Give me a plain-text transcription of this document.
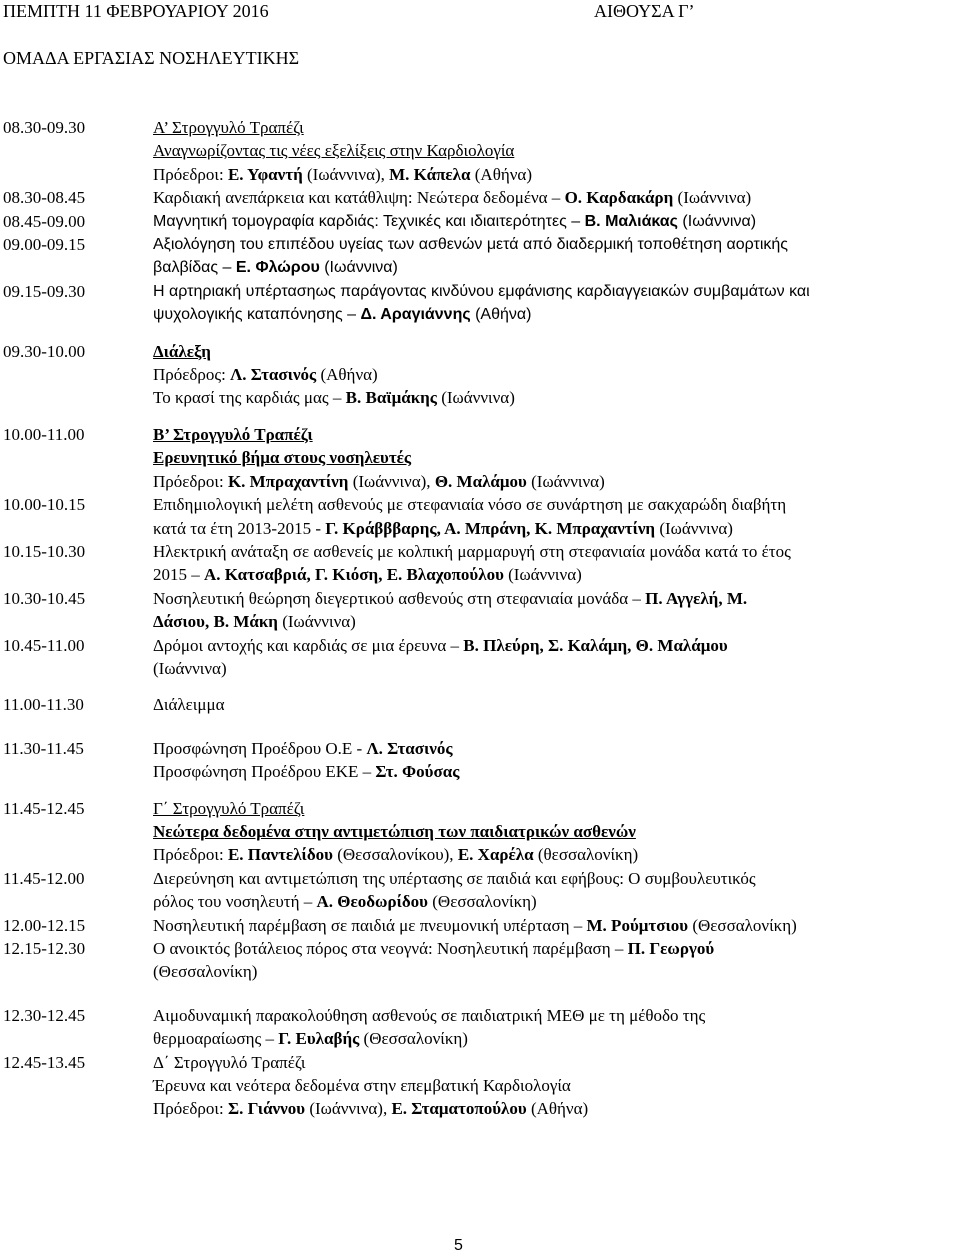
ΠΕΜΠΤΗ 11 ΦΕΒΡΟΥΑΡΙΟΥ 2016	ΑΙΘΟΥΣΑ Γ’
ΟΜΑΔΑ ΕΡΓΑΣΙΑΣ ΝΟΣΗΛΕΥΤΙΚΗΣ
08.30-09.30	Α’ Στρογγυλό Τραπέζι
Αναγνωρίζοντας τις νέες εξελίξεις στην Καρδιολογία
Πρόεδροι: Ε. Υφαντή (Ιωάννινα), Μ. Κάπελα (Αθήνα)
08.30-08.45	Καρδιακή ανεπάρκεια και κατάθλιψη: Νεώτερα δεδομένα – Ο. Καρδακάρη (Ιωάννινα)
08.45-09.00	Μαγνητική τομογραφία καρδιάς: Τεχνικές και ιδιαιτερότητες – Β. Μαλιάκας (Ιωάννινα)
09.00-09.15	Αξιολόγηση του επιπέδου υγείας των ασθενών μετά από διαδερμική τοποθέτηση αορτικής
βαλβίδας – Ε. Φλώρου (Ιωάννινα)
09.15-09.30	Η αρτηριακή υπέρτασηως παράγοντας κινδύνου εμφάνισης καρδιαγγειακών συμβαμάτων και
ψυχολογικής καταπόνησης – Δ. Αραγιάννης (Αθήνα)
09.30-10.00	Διάλεξη
Πρόεδρος: Λ. Στασινός (Αθήνα)
Το κρασί της καρδιάς μας – Β. Βαϊμάκης (Ιωάννινα)
10.00-11.00	Β’ Στρογγυλό Τραπέζι
Ερευνητικό βήμα στους νοσηλευτές
Πρόεδροι: Κ. Μπραχαντίνη (Ιωάννινα), Θ. Μαλάμου (Ιωάννινα)
10.00-10.15	Επιδημιολογική μελέτη ασθενούς με στεφανιαία νόσο σε συνάρτηση με σακχαρώδη διαβήτη
κατά τα έτη 2013-2015 - Γ. Κράβββαρης, Α. Μπράνη, Κ. Μπραχαντίνη (Ιωάννινα)
10.15-10.30	Ηλεκτρική ανάταξη σε ασθενείς με κολπική μαρμαρυγή στη στεφανιαία μονάδα κατά το έτος
2015 – Α. Κατσαβριά, Γ. Κιόση, Ε. Βλαχοπούλου (Ιωάννινα)
10.30-10.45	Νοσηλευτική θεώρηση διεγερτικού ασθενούς στη στεφανιαία μονάδα – Π. Αγγελή, Μ.
Δάσιου, Β. Μάκη (Ιωάννινα)
10.45-11.00	Δρόμοι αντοχής και καρδιάς σε μια έρευνα – Β. Πλεύρη, Σ. Καλάμη, Θ. Μαλάμου
(Ιωάννινα)
11.00-11.30	Διάλειμμα
11.30-11.45	Προσφώνηση Προέδρου Ο.Ε - Λ. Στασινός
Προσφώνηση Προέδρου ΕΚΕ – Στ. Φούσας
11.45-12.45	Γ΄ Στρογγυλό Τραπέζι
Νεώτερα δεδομένα στην αντιμετώπιση των παιδιατρικών ασθενών
Πρόεδροι: Ε. Παντελίδου (Θεσσαλονίκου), Ε. Χαρέλα (θεσσαλονίκη)
11.45-12.00	Διερεύνηση και αντιμετώπιση της υπέρτασης σε παιδιά και εφήβους: Ο συμβουλευτικός
ρόλος του νοσηλευτή – Α. Θεοδωρίδου (Θεσσαλονίκη)
12.00-12.15	Νοσηλευτική παρέμβαση σε παιδιά με πνευμονική υπέρταση – Μ. Ρούμτσιου (Θεσσαλονίκη)
12.15-12.30	Ο ανοικτός βοτάλειος πόρος στα νεογνά: Νοσηλευτική παρέμβαση – Π. Γεωργού
(Θεσσαλονίκη)
12.30-12.45	Αιμοδυναμική παρακολούθηση ασθενούς σε παιδιατρική ΜΕΘ με τη μέθοδο της
θερμοαραίωσης – Γ. Ευλαβής (Θεσσαλονίκη)
12.45-13.45	Δ΄ Στρογγυλό Τραπέζι
Έρευνα και νεότερα δεδομένα στην επεμβατική Καρδιολογία
Πρόεδροι: Σ. Γιάννου (Ιωάννινα), Ε. Σταματοπούλου (Αθήνα)
5
